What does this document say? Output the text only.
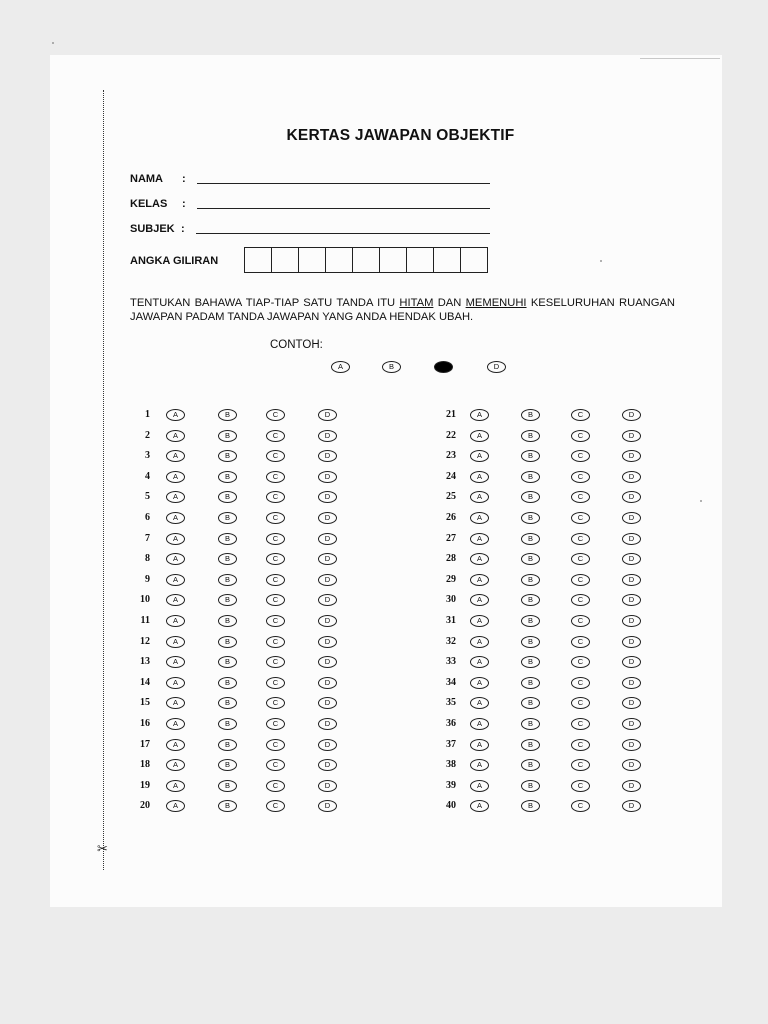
✂
KERTAS JAWAPAN OBJEKTIF
NAMA :
KELAS :
SUBJEK :
ANGKA GILIRAN
TENTUKAN BAHAWA TIAP-TIAP SATU TANDA ITU HITAM DAN MEMENUHI KESELURUHAN RUANGAN JAWAPAN PADAM TANDA JAWAPAN YANG ANDA HENDAK UBAH.
CONTOH:
A	B	C	D
1	A	B	C	D
2	A	B	C	D
3	A	B	C	D
4	A	B	C	D
5	A	B	C	D
6	A	B	C	D
7	A	B	C	D
8	A	B	C	D
9	A	B	C	D
10	A	B	C	D
11	A	B	C	D
12	A	B	C	D
13	A	B	C	D
14	A	B	C	D
15	A	B	C	D
16	A	B	C	D
17	A	B	C	D
18	A	B	C	D
19	A	B	C	D
20	A	B	C	D
21	A	B	C	D
22	A	B	C	D
23	A	B	C	D
24	A	B	C	D
25	A	B	C	D
26	A	B	C	D
27	A	B	C	D
28	A	B	C	D
29	A	B	C	D
30	A	B	C	D
31	A	B	C	D
32	A	B	C	D
33	A	B	C	D
34	A	B	C	D
35	A	B	C	D
36	A	B	C	D
37	A	B	C	D
38	A	B	C	D
39	A	B	C	D
40	A	B	C	D
